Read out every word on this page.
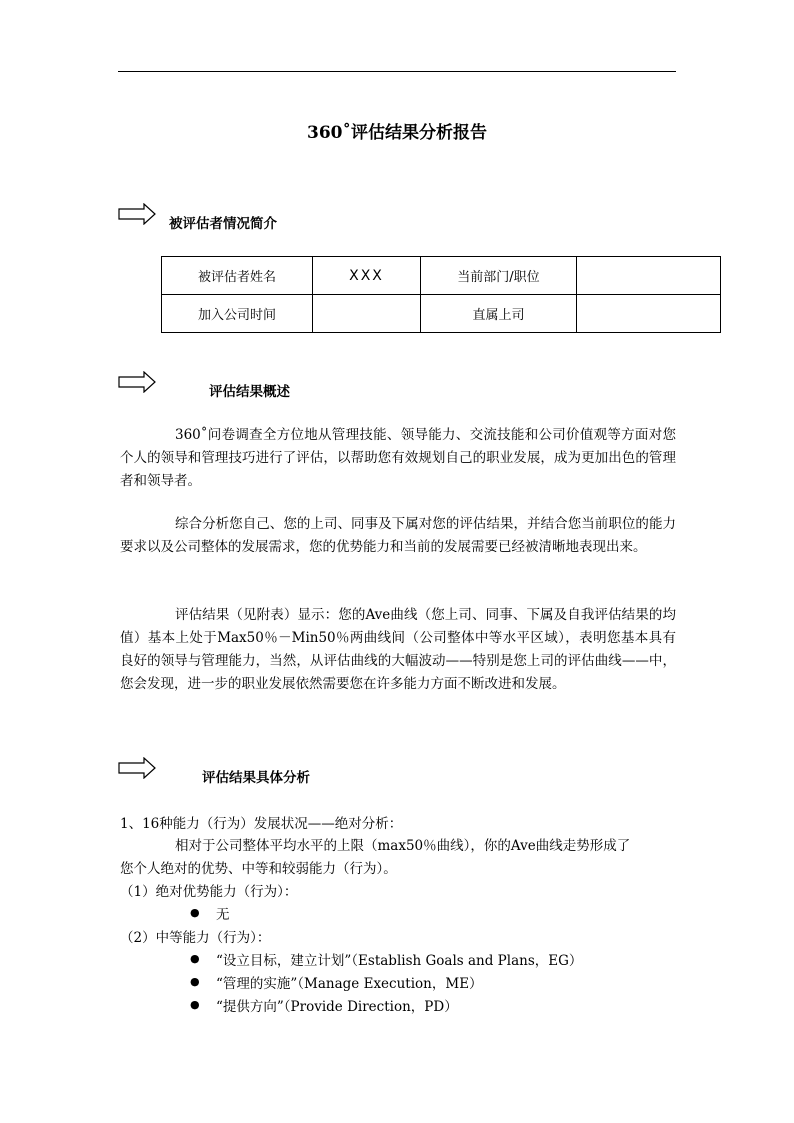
360˚评估结果分析报告
被评估者情况简介
被评估者姓名	XXX	当前部门/职位	
加入公司时间		直属上司	
评估结果概述
360˚问卷调查全方位地从管理技能、领导能力、交流技能和公司价值观等方面对您个人的领导和管理技巧进行了评估，以帮助您有效规划自己的职业发展，成为更加出色的管理者和领导者。
综合分析您自己、您的上司、同事及下属对您的评估结果，并结合您当前职位的能力要求以及公司整体的发展需求，您的优势能力和当前的发展需要已经被清晰地表现出来。
评估结果（见附表）显示：您的Ave曲线（您上司、同事、下属及自我评估结果的均值）基本上处于Max50％－Min50％两曲线间（公司整体中等水平区域），表明您基本具有良好的领导与管理能力，当然，从评估曲线的大幅波动——特别是您上司的评估曲线——中，您会发现，进一步的职业发展依然需要您在许多能力方面不断改进和发展。
评估结果具体分析
1、16种能力（行为）发展状况——绝对分析：
相对于公司整体平均水平的上限（max50％曲线），你的Ave曲线走势形成了
您个人绝对的优势、中等和较弱能力（行为）。
（1）绝对优势能力（行为）：
● 无
（2）中等能力（行为）：
● “设立目标，建立计划”（Establish Goals and Plans，EG）
● “管理的实施”（Manage Execution，ME）
● “提供方向”（Provide Direction，PD）
